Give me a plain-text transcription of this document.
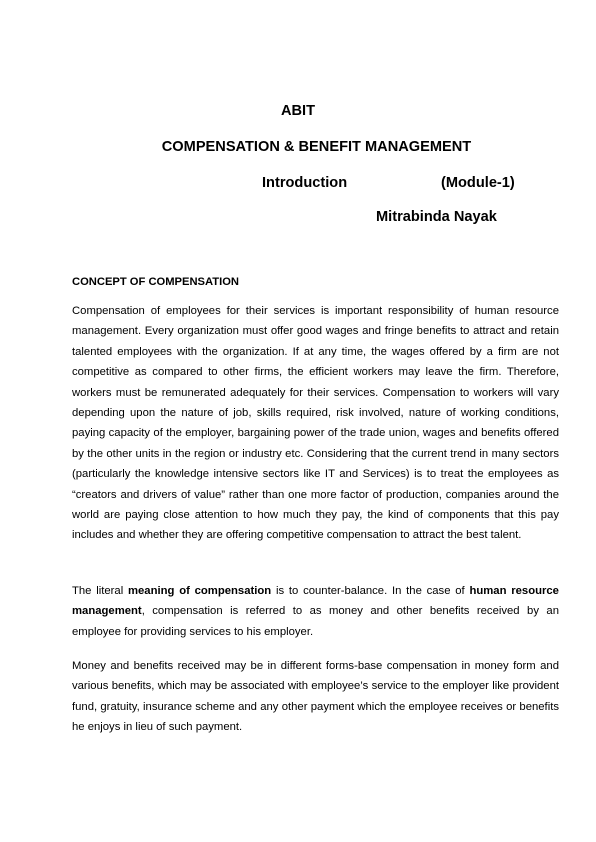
ABIT
COMPENSATION & BENEFIT MANAGEMENT
Introduction	(Module-1)
Mitrabinda Nayak
CONCEPT OF COMPENSATION

Compensation of employees for their services is important responsibility of human resource management. Every organization must offer good wages and fringe benefits to attract and retain talented employees with the organization. If at any time, the wages offered by a firm are not competitive as compared to other firms, the efficient workers may leave the firm. Therefore, workers must be remunerated adequately for their services. Compensation to workers will vary depending upon the nature of job, skills required, risk involved, nature of working conditions, paying capacity of the employer, bargaining power of the trade union, wages and benefits offered by the other units in the region or industry etc. Considering that the current trend in many sectors (particularly the knowledge intensive sectors like IT and Services) is to treat the employees as “creators and drivers of value” rather than one more factor of production, companies around the world are paying close attention to how much they pay, the kind of components that this pay includes and whether they are offering competitive compensation to attract the best talent.

The literal meaning of compensation is to counter-balance. In the case of human resource management, compensation is referred to as money and other benefits received by an employee for providing services to his employer.

Money and benefits received may be in different forms-base compensation in money form and various benefits, which may be associated with employee’s service to the employer like provident fund, gratuity, insurance scheme and any other payment which the employee receives or benefits he enjoys in lieu of such payment.
